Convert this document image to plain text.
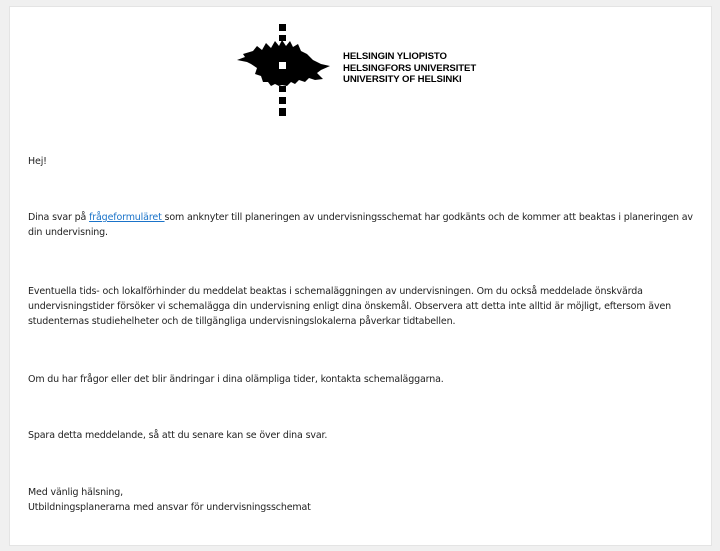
HELSINGIN YLIOPISTO
HELSINGFORS UNIVERSITET
UNIVERSITY OF HELSINKI
Hej!
Dina svar på frågeformuläret som anknyter till planeringen av undervisningsschemat har godkänts och de kommer att beaktas i planeringen av din undervisning.
Eventuella tids- och lokalförhinder du meddelat beaktas i schemaläggningen av undervisningen. Om du också meddelade önskvärda undervisningstider försöker vi schemalägga din undervisning enligt dina önskemål. Observera att detta inte alltid är möjligt, eftersom även studenternas studiehelheter och de tillgängliga undervisningslokalerna påverkar tidtabellen.
Om du har frågor eller det blir ändringar i dina olämpliga tider, kontakta schemaläggarna.
Spara detta meddelande, så att du senare kan se över dina svar.
Med vänlig hälsning,
Utbildningsplanerarna med ansvar för undervisningsschemat
